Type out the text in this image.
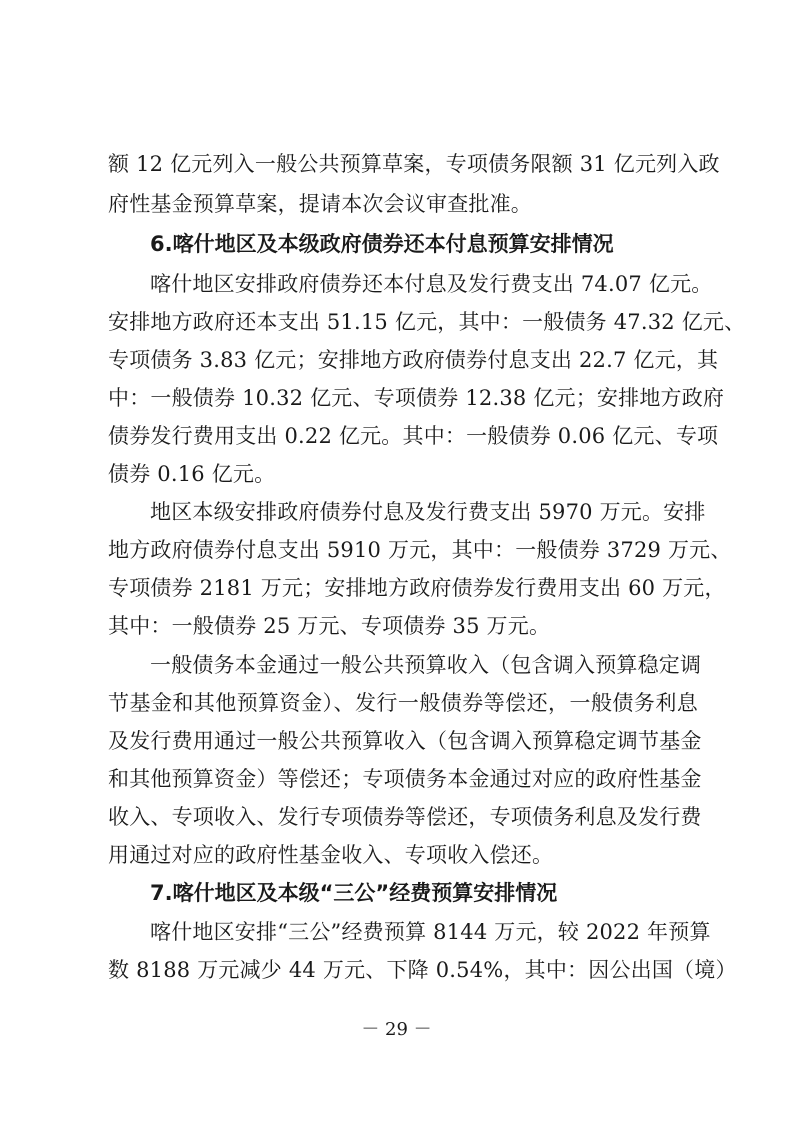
额 12 亿元列入一般公共预算草案，专项债务限额 31 亿元列入政
府性基金预算草案，提请本次会议审查批准。
6.喀什地区及本级政府债券还本付息预算安排情况
喀什地区安排政府债券还本付息及发行费支出 74.07 亿元。
安排地方政府还本支出 51.15 亿元，其中：一般债务 47.32 亿元、
专项债务 3.83 亿元；安排地方政府债券付息支出 22.7 亿元，其
中：一般债券 10.32 亿元、专项债券 12.38 亿元；安排地方政府
债券发行费用支出 0.22 亿元。其中：一般债券 0.06 亿元、专项
债券 0.16 亿元。
地区本级安排政府债券付息及发行费支出 5970 万元。安排
地方政府债券付息支出 5910 万元，其中：一般债券 3729 万元、
专项债券 2181 万元；安排地方政府债券发行费用支出 60 万元，
其中：一般债券 25 万元、专项债券 35 万元。
一般债务本金通过一般公共预算收入（包含调入预算稳定调
节基金和其他预算资金）、发行一般债券等偿还，一般债务利息
及发行费用通过一般公共预算收入（包含调入预算稳定调节基金
和其他预算资金）等偿还；专项债务本金通过对应的政府性基金
收入、专项收入、发行专项债券等偿还，专项债务利息及发行费
用通过对应的政府性基金收入、专项收入偿还。
7.喀什地区及本级“三公”经费预算安排情况
喀什地区安排“三公”经费预算 8144 万元，较 2022 年预算
数 8188 万元减少 44 万元、下降 0.54%，其中：因公出国（境）
－ 29 －
